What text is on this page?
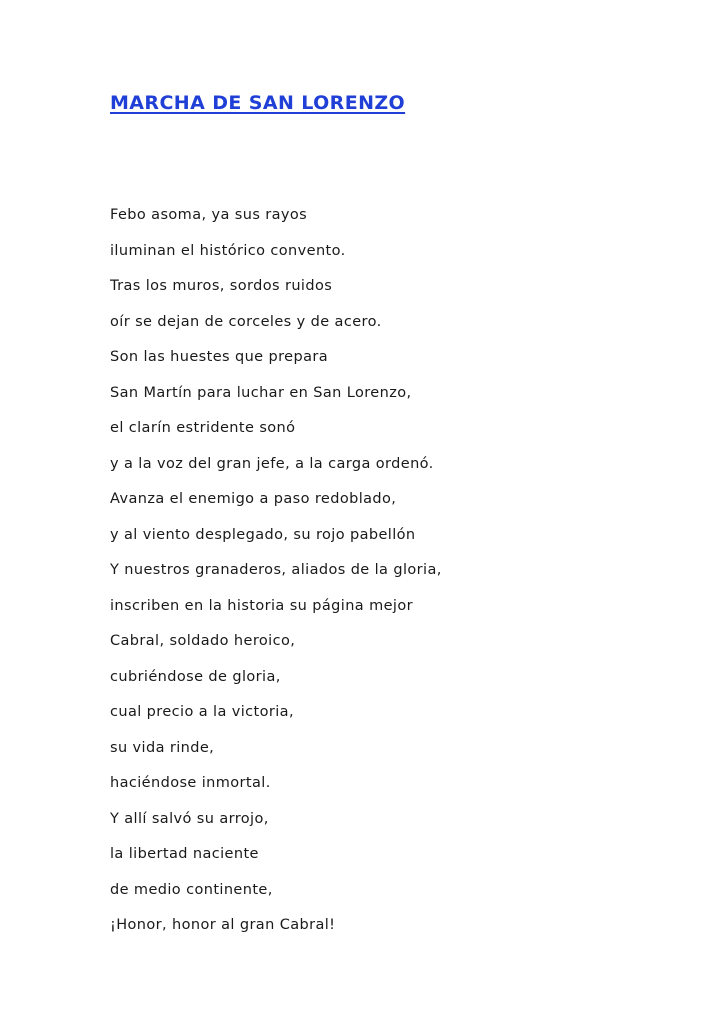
MARCHA DE SAN LORENZO
Febo asoma, ya sus rayos
iluminan el histórico convento.
Tras los muros, sordos ruidos
oír se dejan de corceles y de acero.
Son las huestes que prepara
San Martín para luchar en San Lorenzo,
el clarín estridente sonó
y a la voz del gran jefe, a la carga ordenó.
Avanza el enemigo a paso redoblado,
y al viento desplegado, su rojo pabellón
Y nuestros granaderos, aliados de la gloria,
inscriben en la historia su página mejor
Cabral, soldado heroico,
cubriéndose de gloria,
cual precio a la victoria,
su vida rinde,
haciéndose inmortal.
Y allí salvó su arrojo,
la libertad naciente
de medio continente,
¡Honor, honor al gran Cabral!
